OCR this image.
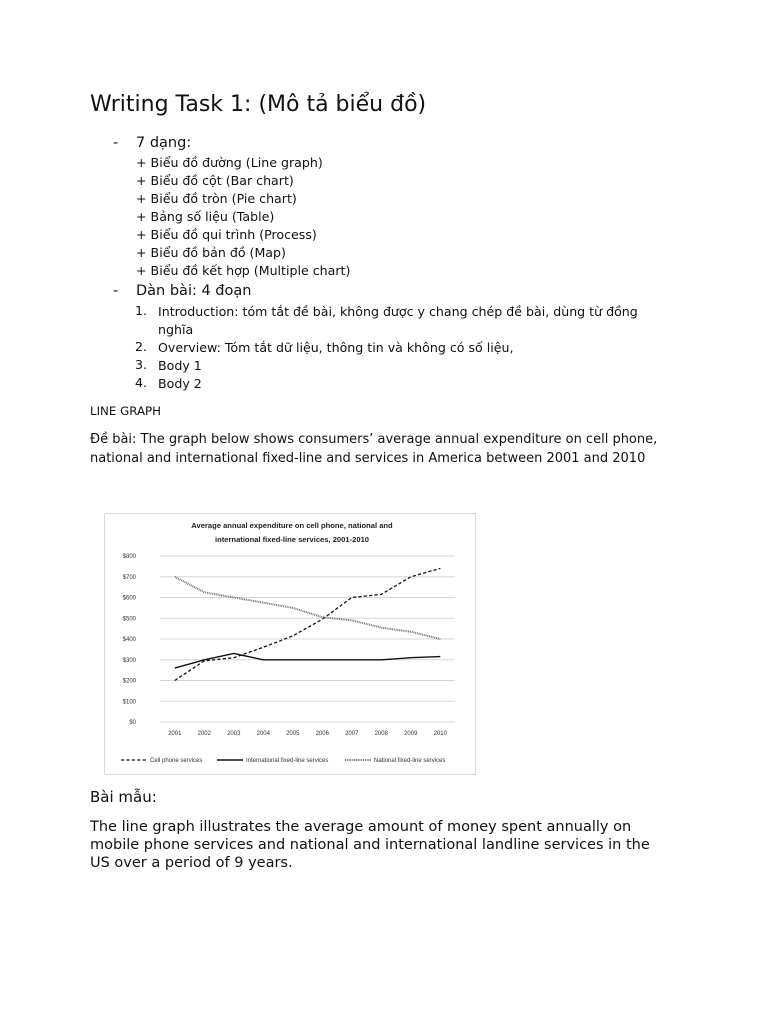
Writing Task 1: (Mô tả biểu đồ)
- 7 dạng:
+ Biểu đồ đường (Line graph)
+ Biểu đồ cột (Bar chart)
+ Biểu đồ tròn (Pie chart)
+ Bảng số liệu (Table)
+ Biểu đồ qui trình (Process)
+ Biểu đồ bản đồ (Map)
+ Biểu đồ kết hợp (Multiple chart)
- Dàn bài: 4 đoạn
1. Introduction: tóm tắt đề bài, không được y chang chép đề bài, dùng từ đồng
nghĩa
2. Overview: Tóm tắt dữ liệu, thông tin và không có số liệu,
3. Body 1
4. Body 2
LINE GRAPH
Đề bài: The graph below shows consumers’ average annual expenditure on cell phone,
national and international fixed-line and services in America between 2001 and 2010
Average annual expenditure on cell phone, national and
international fixed-line services, 2001-2010
$0
$100
$200
$300
$400
$500
$600
$700
$800
2001	2002	2003	2004	2005	2006	2007	2008	2009	2010
Cell phone services	International fixed-line services	National fixed-line services
Bài mẫu:
The line graph illustrates the average amount of money spent annually on
mobile phone services and national and international landline services in the
US over a period of 9 years.
